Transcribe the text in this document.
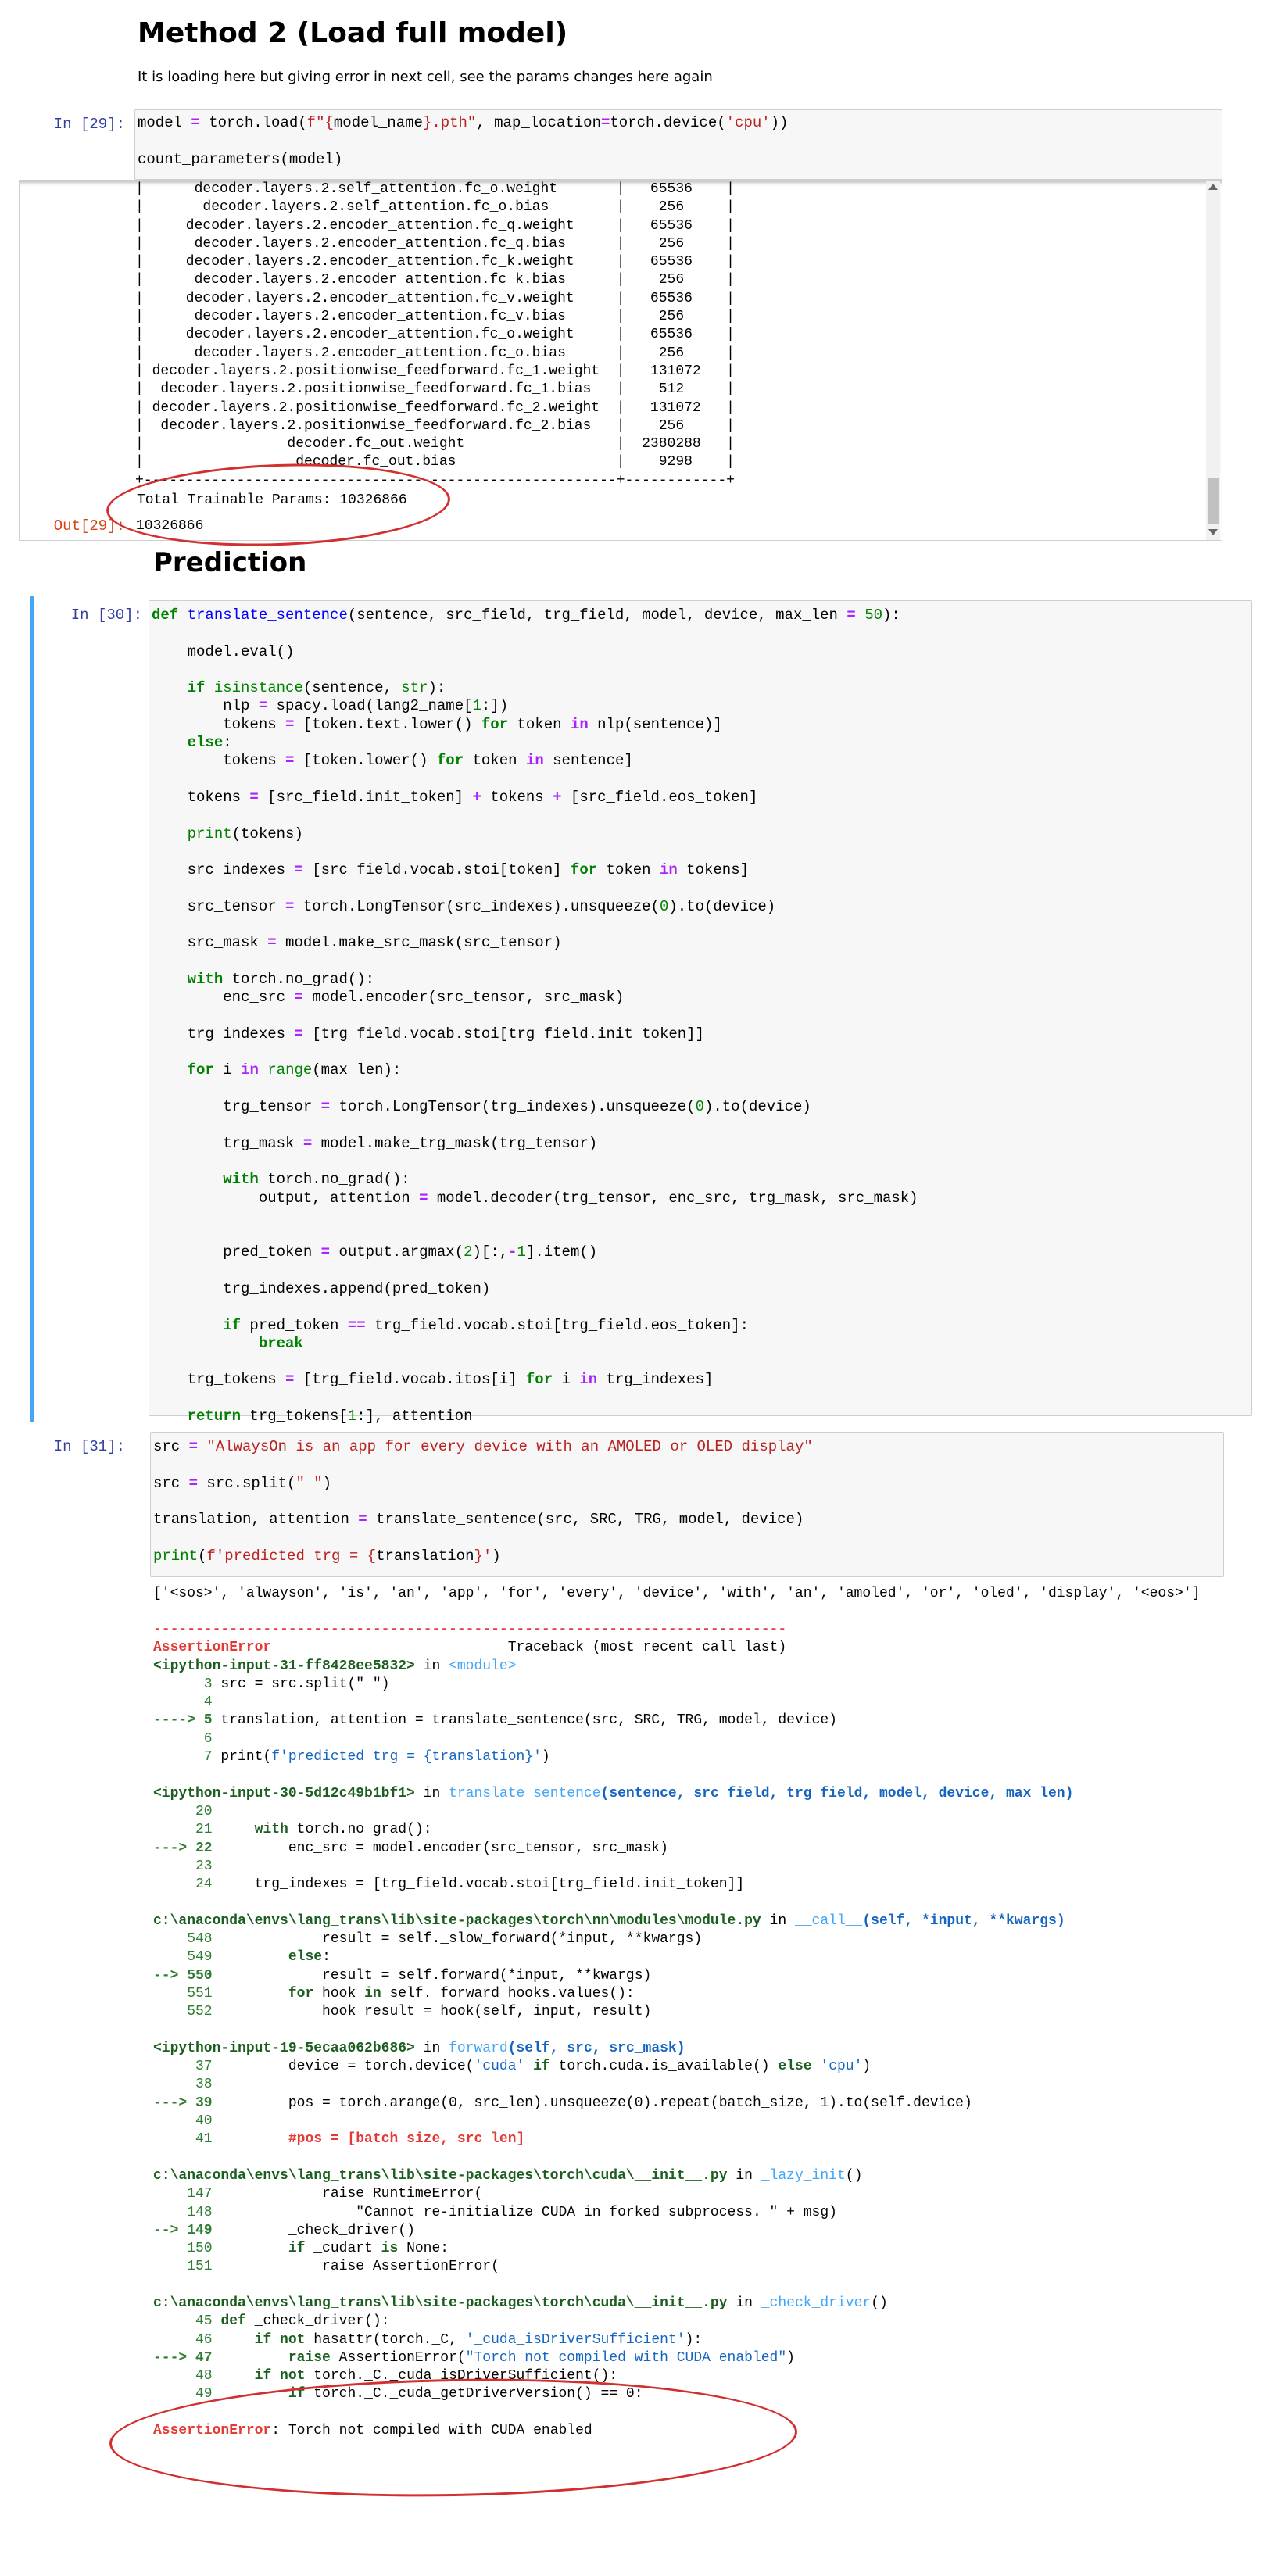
Method 2 (Load full model)

It is loading here but giving error in next cell, see the params changes here again

In [29]: model = torch.load(f"{model_name}.pth", map_location=torch.device('cpu'))

count_parameters(model)
|      decoder.layers.2.self_attention.fc_o.weight       |   65536    |
|       decoder.layers.2.self_attention.fc_o.bias        |    256     |
|     decoder.layers.2.encoder_attention.fc_q.weight     |   65536    |
|      decoder.layers.2.encoder_attention.fc_q.bias      |    256     |
|     decoder.layers.2.encoder_attention.fc_k.weight     |   65536    |
|      decoder.layers.2.encoder_attention.fc_k.bias      |    256     |
|     decoder.layers.2.encoder_attention.fc_v.weight     |   65536    |
|      decoder.layers.2.encoder_attention.fc_v.bias      |    256     |
|     decoder.layers.2.encoder_attention.fc_o.weight     |   65536    |
|      decoder.layers.2.encoder_attention.fc_o.bias      |    256     |
| decoder.layers.2.positionwise_feedforward.fc_1.weight  |   131072   |
|  decoder.layers.2.positionwise_feedforward.fc_1.bias   |    512     |
| decoder.layers.2.positionwise_feedforward.fc_2.weight  |   131072   |
|  decoder.layers.2.positionwise_feedforward.fc_2.bias   |    256     |
|                 decoder.fc_out.weight                  |  2380288   |
|                  decoder.fc_out.bias                   |    9298    |
+--------------------------------------------------------+------------+
Total Trainable Params: 10326866
Out[29]: 10326866
Prediction
In [30]: def translate_sentence(sentence, src_field, trg_field, model, device, max_len = 50):

model.eval()

if isinstance(sentence, str):
nlp = spacy.load(lang2_name[1:])
tokens = [token.text.lower() for token in nlp(sentence)]
else:
tokens = [token.lower() for token in sentence]

tokens = [src_field.init_token] + tokens + [src_field.eos_token]

print(tokens)

src_indexes = [src_field.vocab.stoi[token] for token in tokens]

src_tensor = torch.LongTensor(src_indexes).unsqueeze(0).to(device)

src_mask = model.make_src_mask(src_tensor)

with torch.no_grad():
enc_src = model.encoder(src_tensor, src_mask)

trg_indexes = [trg_field.vocab.stoi[trg_field.init_token]]

for i in range(max_len):

trg_tensor = torch.LongTensor(trg_indexes).unsqueeze(0).to(device)

trg_mask = model.make_trg_mask(trg_tensor)

with torch.no_grad():
output, attention = model.decoder(trg_tensor, enc_src, trg_mask, src_mask)

pred_token = output.argmax(2)[:,-1].item()

trg_indexes.append(pred_token)

if pred_token == trg_field.vocab.stoi[trg_field.eos_token]:
break

trg_tokens = [trg_field.vocab.itos[i] for i in trg_indexes]

return trg_tokens[1:], attention
In [31]: src = "AlwaysOn is an app for every device with an AMOLED or OLED display"

src = src.split(" ")

translation, attention = translate_sentence(src, SRC, TRG, model, device)

print(f'predicted trg = {translation}')
['<sos>', 'alwayson', 'is', 'an', 'app', 'for', 'every', 'device', 'with', 'an', 'amoled', 'or', 'oled', 'display', '<eos>']
---------------------------------------------------------------------------
AssertionError	Traceback (most recent call last)
<ipython-input-31-ff8428ee5832> in <module>
3 src = src.split(" ")
4
----> 5 translation, attention = translate_sentence(src, SRC, TRG, model, device)
6
7 print(f'predicted trg = {translation}')

<ipython-input-30-5d12c49b1bf1> in translate_sentence(sentence, src_field, trg_field, model, device, max_len)
20
21	with torch.no_grad():
---> 22	enc_src = model.encoder(src_tensor, src_mask)
23
24	trg_indexes = [trg_field.vocab.stoi[trg_field.init_token]]

c:\anaconda\envs\lang_trans\lib\site-packages\torch\nn\modules\module.py in __call__(self, *input, **kwargs)
548	result = self._slow_forward(*input, **kwargs)
549	else:
--> 550	result = self.forward(*input, **kwargs)
551	for hook in self._forward_hooks.values():
552	hook_result = hook(self, input, result)

<ipython-input-19-5ecaa062b686> in forward(self, src, src_mask)
37         device = torch.device('cuda' if torch.cuda.is_available() else 'cpu')
38
---> 39	pos = torch.arange(0, src_len).unsqueeze(0).repeat(batch_size, 1).to(self.device)
40
41	#pos = [batch size, src len]

c:\anaconda\envs\lang_trans\lib\site-packages\torch\cuda\__init__.py in _lazy_init()
147	raise RuntimeError(
148	"Cannot re-initialize CUDA in forked subprocess. " + msg)
--> 149	_check_driver()
150	if _cudart is None:
151	raise AssertionError(

c:\anaconda\envs\lang_trans\lib\site-packages\torch\cuda\__init__.py in _check_driver()
45 def _check_driver():
46	if not hasattr(torch._C, '_cuda_isDriverSufficient'):
---> 47	raise AssertionError("Torch not compiled with CUDA enabled")
48	if not torch._C._cuda_isDriverSufficient():
49	if torch._C._cuda_getDriverVersion() == 0:

AssertionError: Torch not compiled with CUDA enabled
